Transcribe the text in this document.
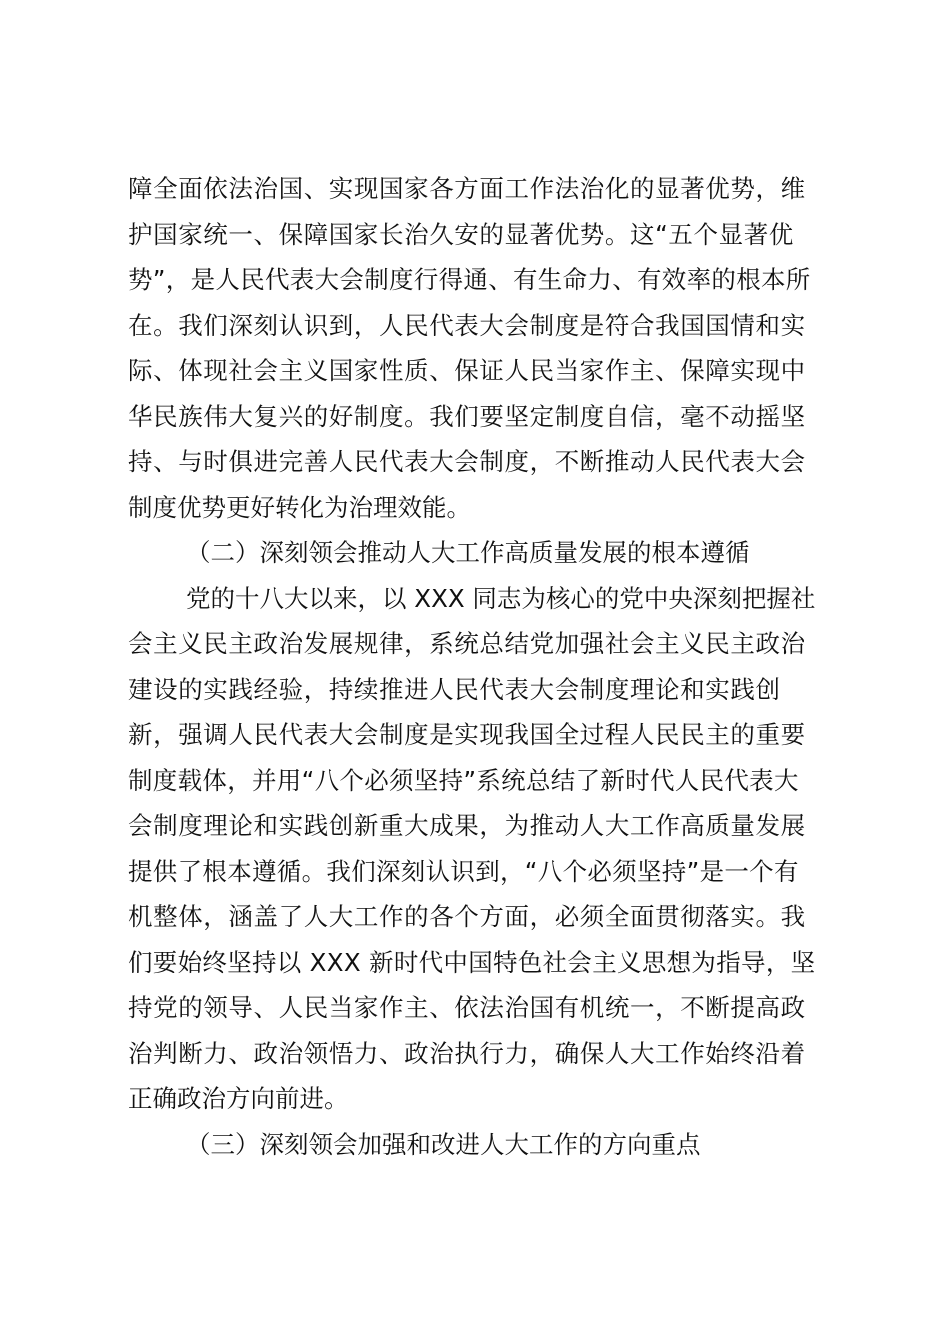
障全面依法治国、实现国家各方面工作法治化的显著优势，维
护国家统一、保障国家长治久安的显著优势。这“五个显著优
势”，是人民代表大会制度行得通、有生命力、有效率的根本所
在。我们深刻认识到，人民代表大会制度是符合我国国情和实
际、体现社会主义国家性质、保证人民当家作主、保障实现中
华民族伟大复兴的好制度。我们要坚定制度自信，毫不动摇坚
持、与时俱进完善人民代表大会制度，不断推动人民代表大会
制度优势更好转化为治理效能。
（二）深刻领会推动人大工作高质量发展的根本遵循
党的十八大以来，以 XXX 同志为核心的党中央深刻把握社
会主义民主政治发展规律，系统总结党加强社会主义民主政治
建设的实践经验，持续推进人民代表大会制度理论和实践创
新，强调人民代表大会制度是实现我国全过程人民民主的重要
制度载体，并用“八个必须坚持”系统总结了新时代人民代表大
会制度理论和实践创新重大成果，为推动人大工作高质量发展
提供了根本遵循。我们深刻认识到，“八个必须坚持”是一个有
机整体，涵盖了人大工作的各个方面，必须全面贯彻落实。我
们要始终坚持以 XXX 新时代中国特色社会主义思想为指导，坚
持党的领导、人民当家作主、依法治国有机统一，不断提高政
治判断力、政治领悟力、政治执行力，确保人大工作始终沿着
正确政治方向前进。
（三）深刻领会加强和改进人大工作的方向重点
